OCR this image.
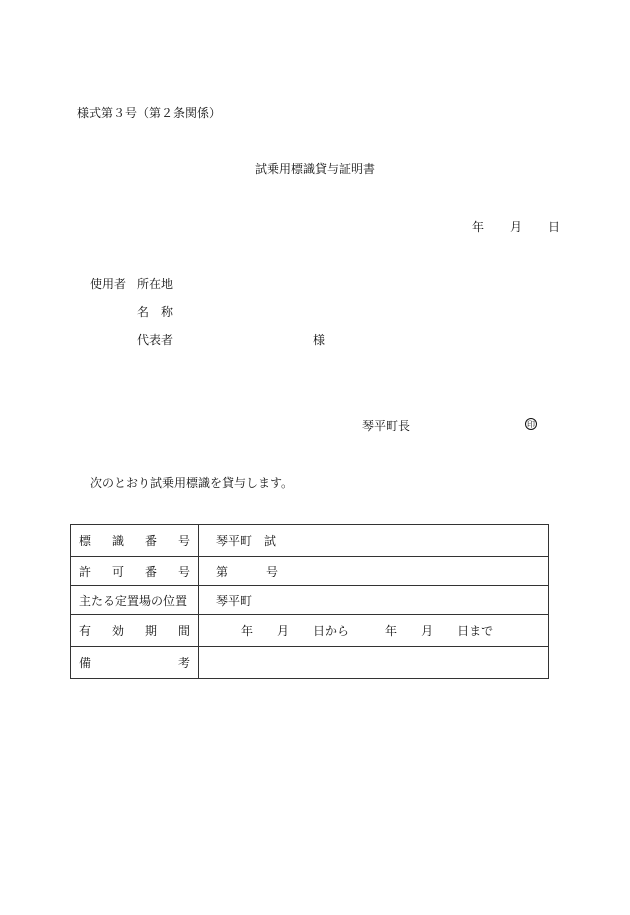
様式第３号（第２条関係）
試乗用標識貸与証明書
年 月 日
使用者 所在地
名　称
代表者	様
琴平町長	印
次のとおり試乗用標識を貸与します。
標 識 番 号	琴平町　試

許 可 番 号	第 号
主たる定置場の位置	琴平町

有 効 期 間	年 月 日から 年 月 日まで

備 考	
